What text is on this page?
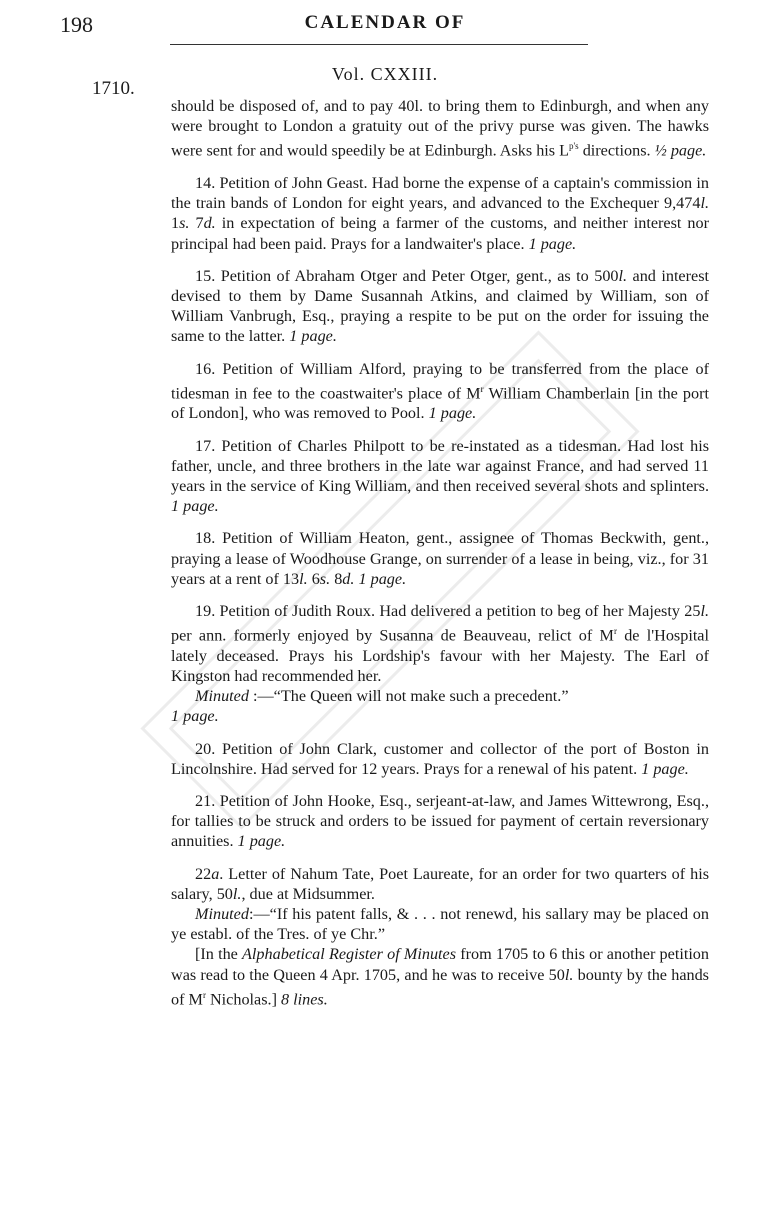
198	CALENDAR OF
Vol. CXXIII.
1710.

should be disposed of, and to pay 40l. to bring them to Edinburgh, and when any were brought to London a gratuity out of the privy purse was given. The hawks were sent for and would speedily be at Edinburgh. Asks his $L^{p's}$ directions. ½ page.

14. Petition of John Geast. Had borne the expense of a captain's commission in the train bands of London for eight years, and advanced to the Exchequer 9,474l. 1s. 7d. in expectation of being a farmer of the customs, and neither interest nor principal had been paid. Prays for a landwaiter's place. 1 page.

15. Petition of Abraham Otger and Peter Otger, gent., as to 500l. and interest devised to them by Dame Susannah Atkins, and claimed by William, son of William Vanbrugh, Esq., praying a respite to be put on the order for issuing the same to the latter. 1 page.

16. Petition of William Alford, praying to be transferred from the place of tidesman in fee to the coastwaiter's place of $M^r$ William Chamberlain [in the port of London], who was removed to Pool. 1 page.

17. Petition of Charles Philpott to be re-instated as a tidesman. Had lost his father, uncle, and three brothers in the late war against France, and had served 11 years in the service of King William, and then received several shots and splinters. 1 page.

18. Petition of William Heaton, gent., assignee of Thomas Beckwith, gent., praying a lease of Woodhouse Grange, on surrender of a lease in being, viz., for 31 years at a rent of 13l. 6s. 8d. 1 page.

19. Petition of Judith Roux. Had delivered a petition to beg of her Majesty 25l. per ann. formerly enjoyed by Susanna de Beauveau, relict of $M^r$ de l'Hospital lately deceased. Prays his Lordship's favour with her Majesty. The Earl of Kingston had recommended her.

Minuted :—“The Queen will not make such a precedent.”

1 page.

20. Petition of John Clark, customer and collector of the port of Boston in Lincolnshire. Had served for 12 years. Prays for a renewal of his patent. 1 page.

21. Petition of John Hooke, Esq., serjeant-at-law, and James Wittewrong, Esq., for tallies to be struck and orders to be issued for payment of certain reversionary annuities. 1 page.

22a. Letter of Nahum Tate, Poet Laureate, for an order for two quarters of his salary, 50l., due at Midsummer.

Minuted:—“If his patent falls, & . . . not renewd, his sallary may be placed on ye establ. of the Tres. of ye Chr.”

[In the Alphabetical Register of Minutes from 1705 to 6 this or another petition was read to the Queen 4 Apr. 1705, and he was to receive 50l. bounty by the hands of $M^r$ Nicholas.] 8 lines.
